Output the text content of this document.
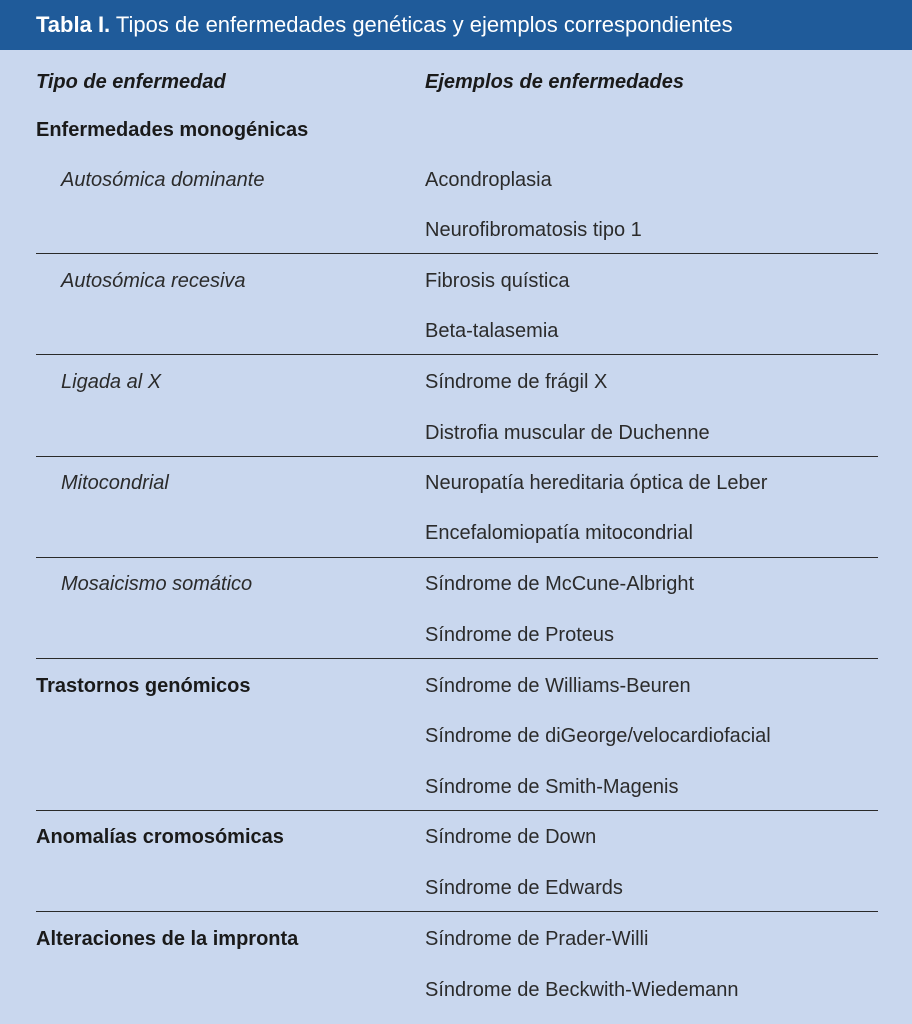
Tabla I. Tipos de enfermedades genéticas y ejemplos correspondientes
Tipo de enfermedad	Ejemplos de enfermedades
Enfermedades monogénicas
Autosómica dominante	Acondroplasia
Neurofibromatosis tipo 1
Autosómica recesiva	Fibrosis quística
Beta-talasemia
Ligada al X	Síndrome de frágil X
Distrofia muscular de Duchenne
Mitocondrial	Neuropatía hereditaria óptica de Leber
Encefalomiopatía mitocondrial
Mosaicismo somático	Síndrome de McCune-Albright
Síndrome de Proteus
Trastornos genómicos	Síndrome de Williams-Beuren
Síndrome de diGeorge/velocardiofacial
Síndrome de Smith-Magenis
Anomalías cromosómicas	Síndrome de Down
Síndrome de Edwards
Alteraciones de la impronta	Síndrome de Prader-Willi
Síndrome de Beckwith-Wiedemann
